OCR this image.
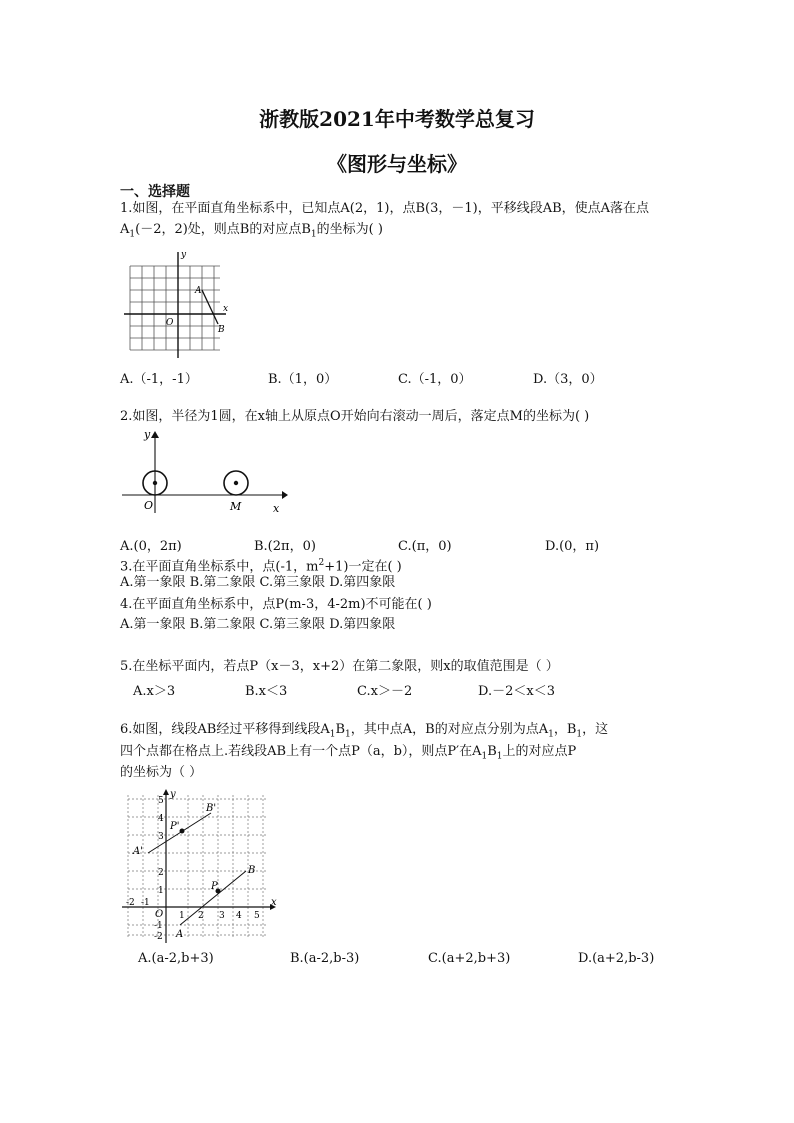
浙教版2021年中考数学总复习
《图形与坐标》
一、选择题
1.如图，在平面直角坐标系中，已知点A(2，1)，点B(3，－1)，平移线段AB，使点A落在点
$A_1(-2$，2)处，则点B的对应点$B_1$的坐标为( )
y
x
O
A
B
A.（-1，-1）	B.（1，0）	C.（-1，0）	D.（3，0）
2.如图，半径为1圆，在x轴上从原点O开始向右滚动一周后，落定点M的坐标为( )
y
x
O	M
A.(0，2π)	B.(2π，0)	C.(π，0)	D.(0，π)
3.在平面直角坐标系中，点(-1，$m^2+1$)一定在( )
A.第一象限 B.第二象限 C.第三象限 D.第四象限
4.在平面直角坐标系中，点P(m-3，4-2m)不可能在( )
A.第一象限 B.第二象限 C.第三象限 D.第四象限
5.在坐标平面内，若点P（x－3，x+2）在第二象限，则x的取值范围是（ ）
A.x＞3	B.x＜3	C.x＞－2	D.－2＜x＜3
6.如图，线段AB经过平移得到线段$A_1B_1$，其中点A，B的对应点分别为点$A_1$，$B_1$，这
四个点都在格点上.若线段AB上有一个点P（a，b），则点P′在$A_1B_1$上的对应点P
的坐标为（ ）
y
x
O
B
A
P
A'
B'
P'
-2 -1
1 2 3 4 5
5
4
3
2
1
-1
-2
A.(a-2,b+3)	B.(a-2,b-3)	C.(a+2,b+3)	D.(a+2,b-3)
